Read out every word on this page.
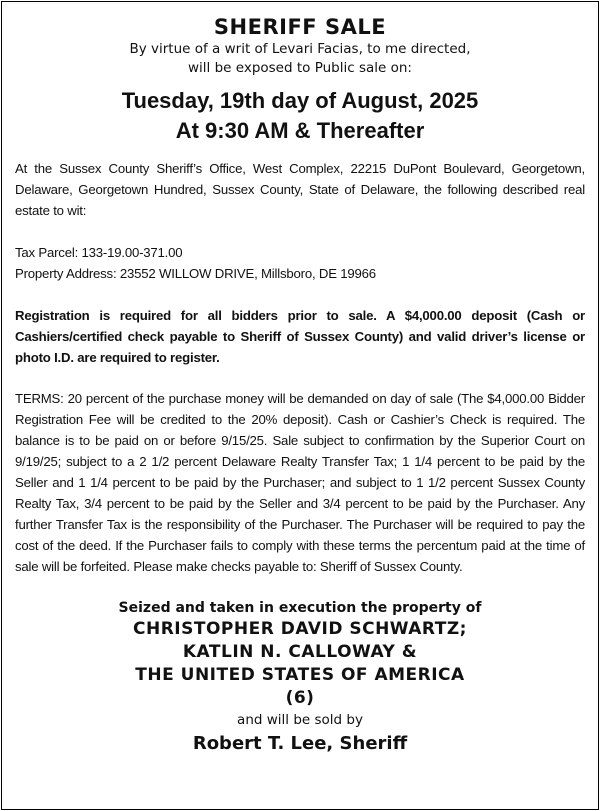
SHERIFF SALE
By virtue of a writ of Levari Facias, to me directed,
will be exposed to Public sale on:
Tuesday, 19th day of August, 2025
At 9:30 AM & Thereafter
At the Sussex County Sheriff’s Office, West Complex, 22215 DuPont Boulevard, Georgetown, Delaware, Georgetown Hundred, Sussex County, State of Delaware, the following described real estate to wit:
Tax Parcel: 133-19.00-371.00
Property Address: 23552 WILLOW DRIVE, Millsboro, DE 19966
Registration is required for all bidders prior to sale. A $4,000.00 deposit (Cash or Cashiers/certified check payable to Sheriff of Sussex County) and valid driver’s license or photo I.D. are required to register.
TERMS: 20 percent of the purchase money will be demanded on day of sale (The $4,000.00 Bidder Registration Fee will be credited to the 20% deposit). Cash or Cashier’s Check is required. The balance is to be paid on or before 9/15/25. Sale subject to confirmation by the Superior Court on 9/19/25; subject to a 2 1/2 percent Delaware Realty Transfer Tax; 1 1/4 percent to be paid by the Seller and 1 1/4 percent to be paid by the Purchaser; and subject to 1 1/2 percent Sussex County Realty Tax, 3/4 percent to be paid by the Seller and 3/4 percent to be paid by the Purchaser. Any further Transfer Tax is the responsibility of the Purchaser. The Purchaser will be required to pay the cost of the deed. If the Purchaser fails to comply with these terms the percentum paid at the time of sale will be forfeited. Please make checks payable to: Sheriff of Sussex County.
Seized and taken in execution the property of
CHRISTOPHER DAVID SCHWARTZ;
KATLIN N. CALLOWAY &
THE UNITED STATES OF AMERICA
(6)
and will be sold by
Robert T. Lee, Sheriff
